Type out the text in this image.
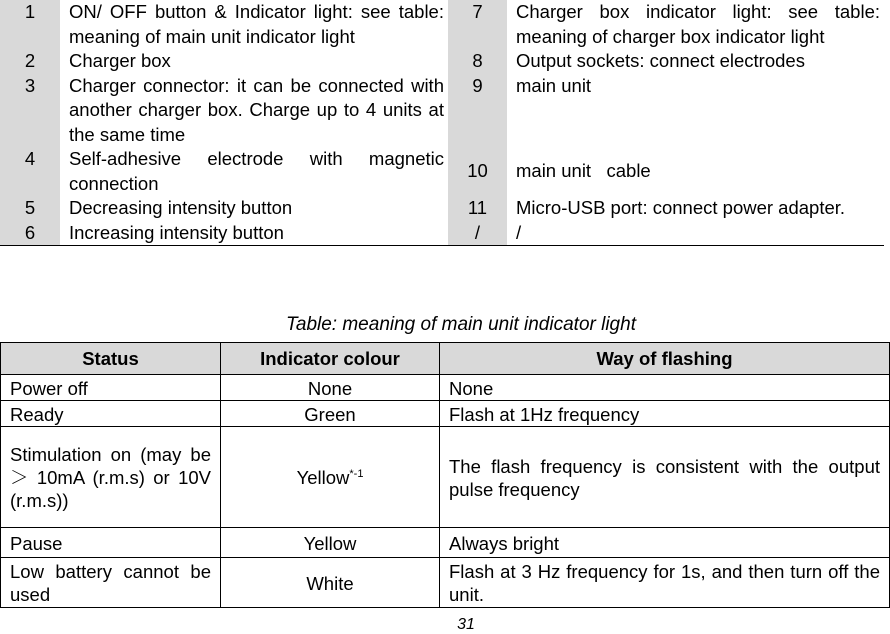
1	ON/ OFF button & Indicator light: see table: meaning of main unit indicator light	7	Charger box indicator light: see table: meaning of charger box indicator light
2	Charger box	8	Output sockets: connect electrodes
3	Charger connector: it can be connected with another charger box. Charge up to 4 units at the same time	9	main unit
4	Self-adhesive electrode with magnetic connection	10	main unit   cable
5	Decreasing intensity button	11	Micro-USB port: connect power adapter.
6	Increasing intensity button	/	/
Table: meaning of main unit indicator light
Status	Indicator colour	Way of flashing
Power off	None	None
Ready	Green	Flash at 1Hz frequency
Stimulation on (may be ＞ 10mA (r.m.s) or 10V (r.m.s))	Yellow$^{*-1}$	The flash frequency is consistent with the output pulse frequency
Pause	Yellow	Always bright
Low battery cannot be used	White	Flash at 3 Hz frequency for 1s, and then turn off the unit.
31
